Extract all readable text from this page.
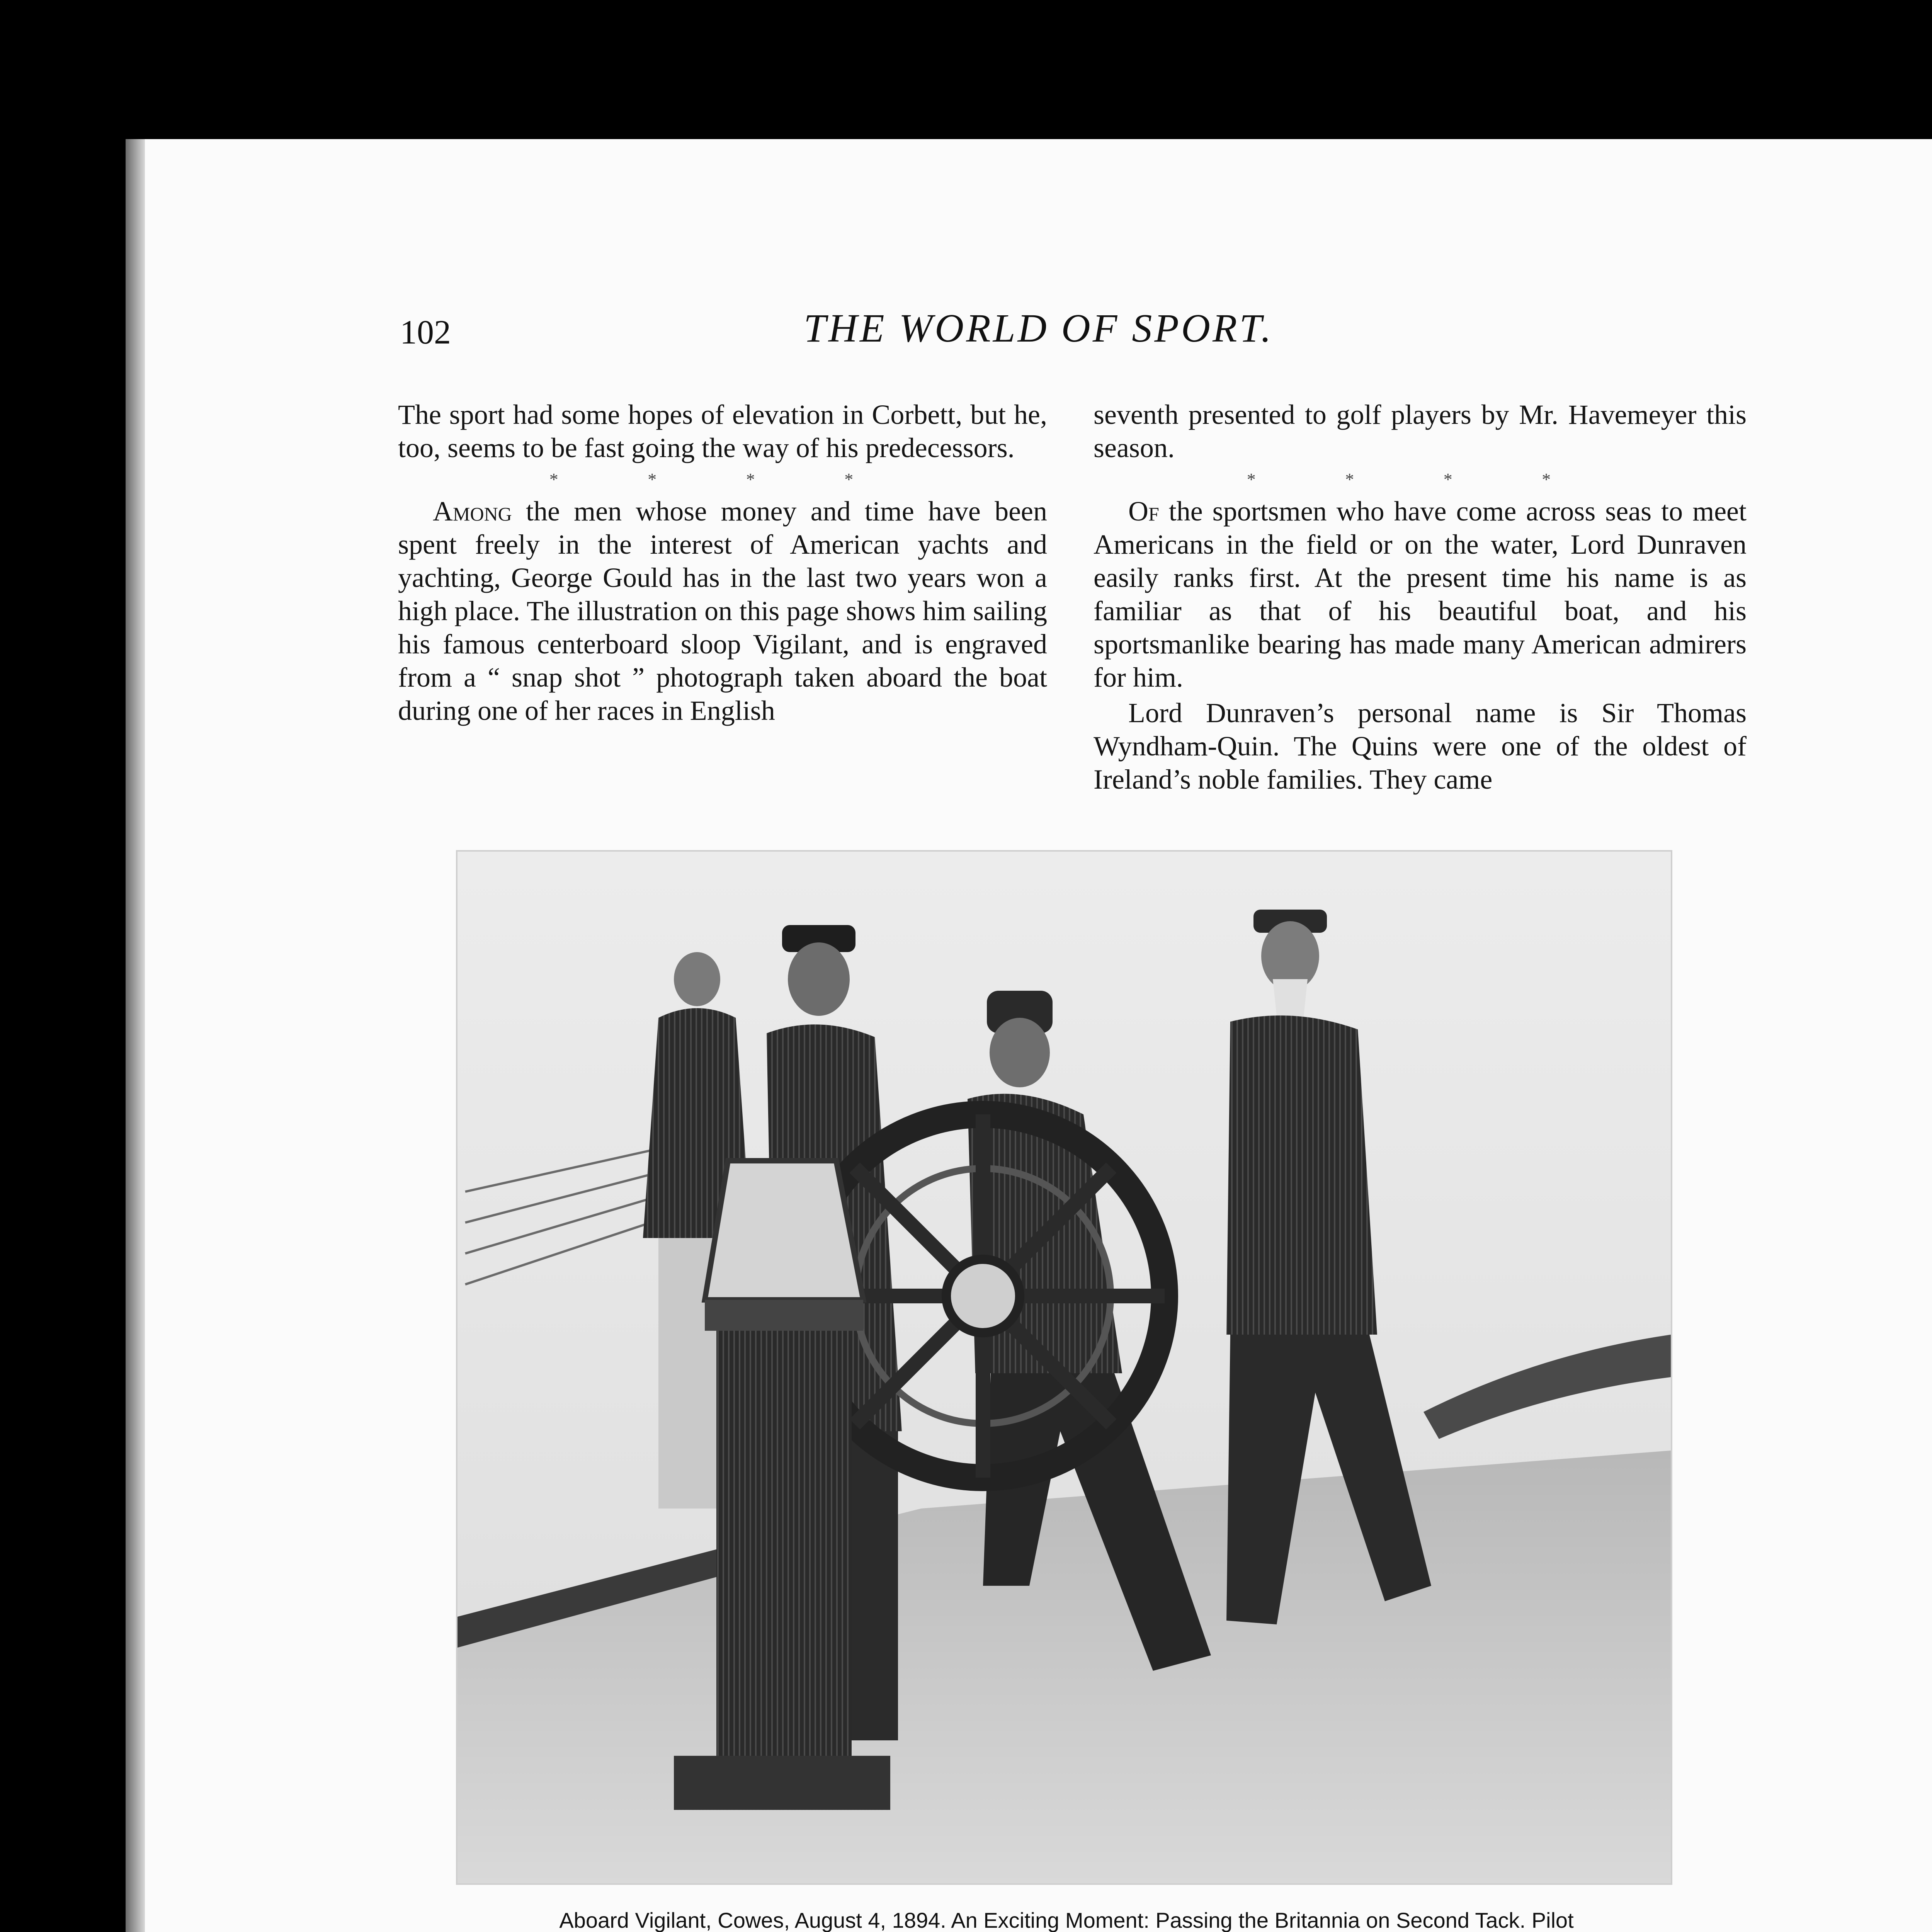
102	THE WORLD OF SPORT.

The sport had some hopes of elevation in Corbett, but he, too, seems to be fast going the way of his predecessors.

* * * *

Among the men whose money and time have been spent freely in the interest of American yachts and yachting, George Gould has in the last two years won a high place. The illustration on this page shows him sailing his famous centerboard sloop Vigilant, and is engraved from a “ snap shot ” photograph taken aboard the boat during one of her races in English

seventh presented to golf players by Mr. Havemeyer this season.

* * * *

Of the sportsmen who have come across seas to meet Americans in the field or on the water, Lord Dunraven easily ranks first. At the present time his name is as familiar as that of his beautiful boat, and his sportsmanlike bearing has made many American admirers for him.

Lord Dunraven’s personal name is Sir Thomas Wyndham-Quin. The Quins were one of the oldest of Ireland’s noble families. They came

Aboard Vigilant, Cowes, August 4, 1894. An Exciting Moment: Passing the Britannia on Second Tack. Pilot
